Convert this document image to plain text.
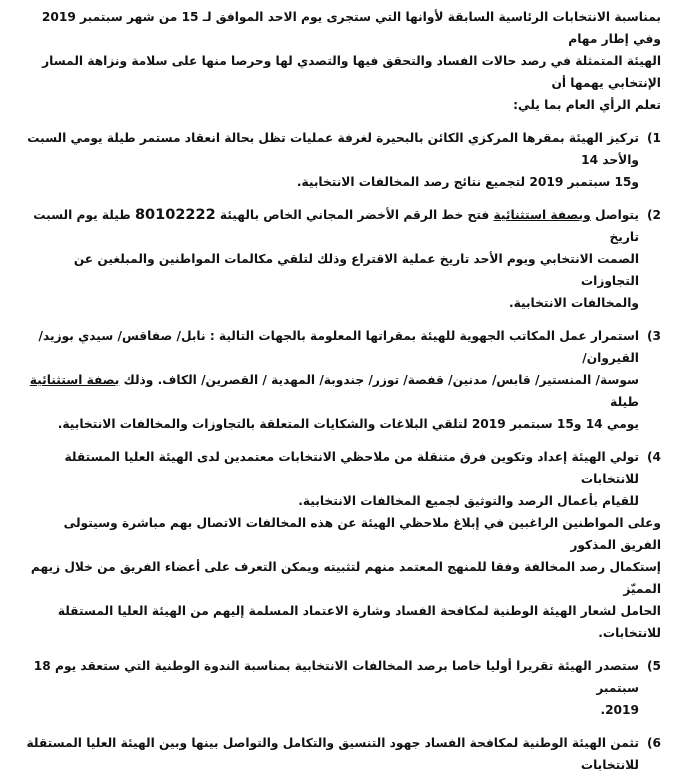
بمناسبة الانتخابات الرئاسية السابقة لأوانها التي ستجرى يوم الاحد الموافق لـ 15 من شهر سبتمبر 2019 وفي إطار مهام
الهيئة المتمثلة في رصد حالات الفساد والتحقق فيها والتصدي لها وحرصا منها على سلامة ونزاهة المسار الإنتخابي يهمها أن
تعلم الرأي العام بما يلي:
1)
تركيز الهيئة بمقرها المركزي الكائن بالبحيرة لغرفة عمليات تظل بحالة انعقاد مستمر طيلة يومي السبت والأحد 14
و15 سبتمبر 2019 لتجميع نتائج رصد المخالفات الانتخابية.
2)
يتواصل وبصفة استثنائية فتح خط الرقم الأخضر المجاني الخاص بالهيئة 80102222 طيلة يوم السبت تاريخ
الصمت الانتخابي ويوم الأحد تاريخ عملية الاقتراع وذلك لتلقي مكالمات المواطنين والمبلغين عن التجاوزات
والمخالفات الانتخابية.
3)
استمرار عمل المكاتب الجهوية للهيئة بمقراتها المعلومة بالجهات التالية : نابل/ صفاقس/ سيدي بوزيد/ القيروان/
سوسة/ المنستير/ قابس/ مدنين/ قفصة/ توزر/ جندوبة/ المهدية / القصرين/ الكاف. وذلك بصفة استثنائية طيلة
يومي 14 و15 سبتمبر 2019 لتلقي البلاغات والشكايات المتعلقة بالتجاوزات والمخالفات الانتخابية.
4)
تولي الهيئة إعداد وتكوين فرق متنقلة من ملاحظي الانتخابات معتمدين لدى الهيئة العليا المستقلة للانتخابات
للقيام بأعمال الرصد والتوثيق لجميع المخالفات الانتخابية.
وعلى المواطنين الراغبين في إبلاغ ملاحظي الهيئة عن هذه المخالفات الاتصال بهم مباشرة وسيتولى الفريق المذكور
إستكمال رصد المخالفة وفقا للمنهج المعتمد منهم لتثبيته ويمكن التعرف على أعضاء الفريق من خلال زيهم المميّز
الحامل لشعار الهيئة الوطنية لمكافحة الفساد وشارة الاعتماد المسلمة إليهم من الهيئة العليا المستقلة للانتخابات.
5)
ستصدر الهيئة تقريرا أوليا خاصا برصد المخالفات الانتخابية بمناسبة الندوة الوطنية التي ستعقد يوم 18 سبتمبر
2019.
6)
تثمن الهيئة الوطنية لمكافحة الفساد جهود التنسيق والتكامل والتواصل بينها وبين الهيئة العليا المستقلة للانتخابات
